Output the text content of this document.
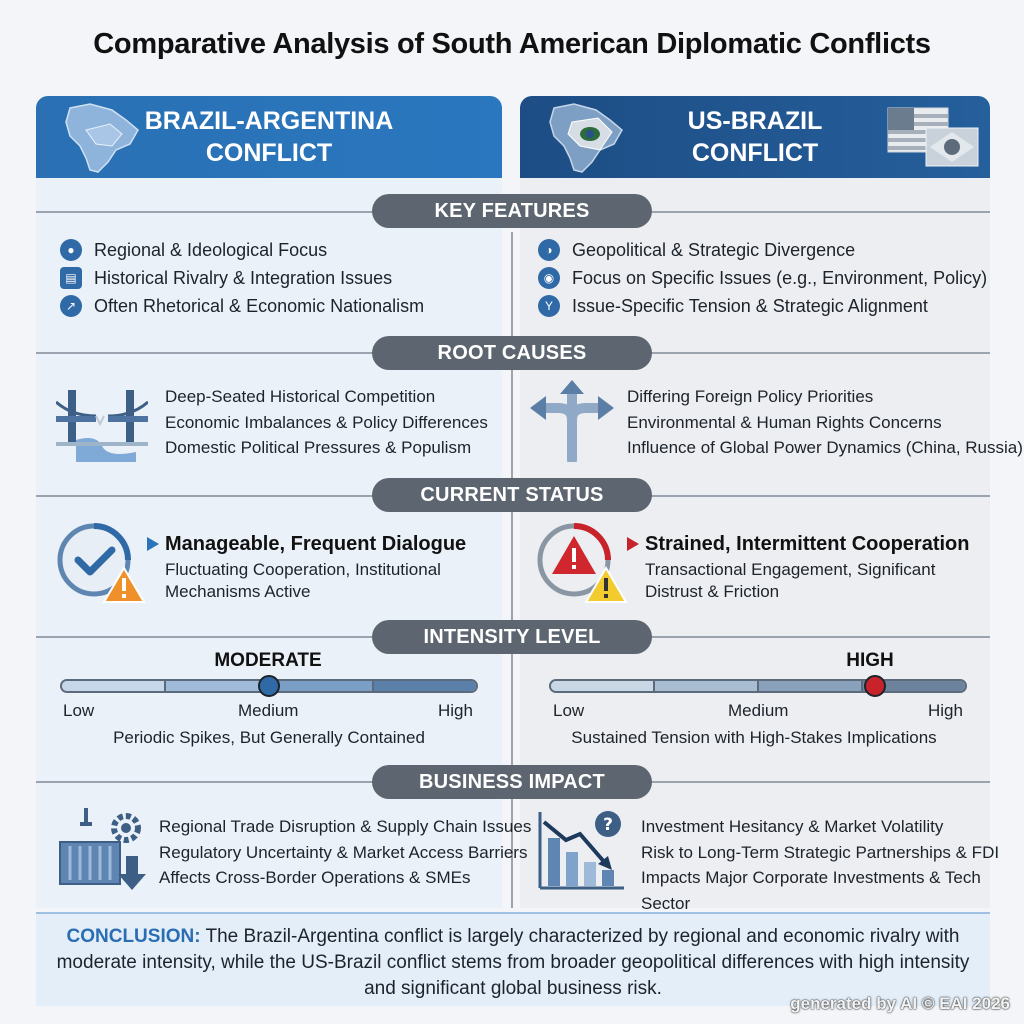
Comparative Analysis of South American Diplomatic Conflicts
BRAZIL-ARGENTINA
CONFLICT
US-BRAZIL
CONFLICT
KEY FEATURES
ROOT CAUSES
CURRENT STATUS
INTENSITY LEVEL
BUSINESS IMPACT
●	Regional & Ideological Focus
▤ Historical Rivalry & Integration Issues
↗ Often Rhetorical & Economic Nationalism
◑	Geopolitical & Strategic Divergence
◉ Focus on Specific Issues (e.g., Environment, Policy)
Y	Issue-Specific Tension & Strategic Alignment
Deep-Seated Historical Competition
Economic Imbalances & Policy Differences
Domestic Political Pressures & Populism
Differing Foreign Policy Priorities
Environmental & Human Rights Concerns
Influence of Global Power Dynamics (China, Russia)
Manageable, Frequent Dialogue
Fluctuating Cooperation, Institutional
Mechanisms Active
Strained, Intermittent Cooperation
Transactional Engagement, Significant
Distrust & Friction
MODERATE
Low	Medium	High
Periodic Spikes, But Generally Contained
HIGH
Low	Medium	High
Sustained Tension with High-Stakes Implications
Regional Trade Disruption & Supply Chain Issues
Regulatory Uncertainty & Market Access Barriers
Affects Cross-Border Operations & SMEs
? Investment Hesitancy & Market Volatility
Risk to Long-Term Strategic Partnerships & FDI
Impacts Major Corporate Investments & Tech Sector
CONCLUSION: The Brazil-Argentina conflict is largely characterized by regional and economic rivalry with moderate intensity, while the US-Brazil conflict stems from broader geopolitical differences with high intensity and significant global business risk.
generated by AI © EAI 2026
